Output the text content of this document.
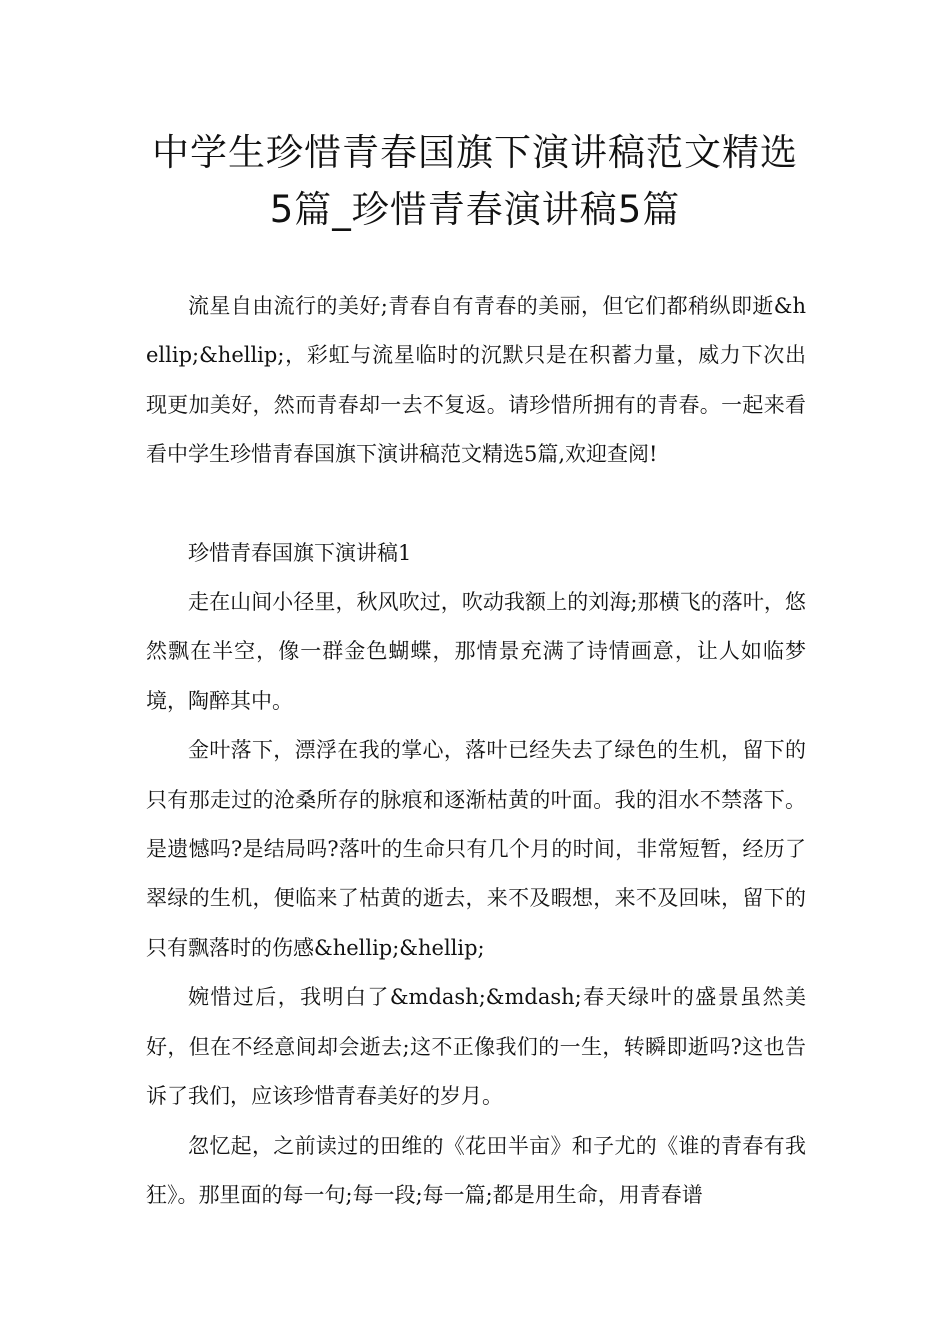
中学生珍惜青春国旗下演讲稿范文精选
5篇_珍惜青春演讲稿5篇

流星自由流行的美好;青春自有青春的美丽，但它们都稍纵即逝&hellip;&hellip;，彩虹与流星临时的沉默只是在积蓄力量，威力下次出现更加美好，然而青春却一去不复返。请珍惜所拥有的青春。一起来看看中学生珍惜青春国旗下演讲稿范文精选5篇,欢迎查阅!

珍惜青春国旗下演讲稿1

走在山间小径里，秋风吹过，吹动我额上的刘海;那横飞的落叶，悠然飘在半空，像一群金色蝴蝶，那情景充满了诗情画意，让人如临梦境，陶醉其中。

金叶落下，漂浮在我的掌心，落叶已经失去了绿色的生机，留下的只有那走过的沧桑所存的脉痕和逐渐枯黄的叶面。我的泪水不禁落下。是遗憾吗?是结局吗?落叶的生命只有几个月的时间，非常短暂，经历了翠绿的生机，便临来了枯黄的逝去，来不及暇想，来不及回味，留下的只有飘落时的伤感&hellip;&hellip;

婉惜过后，我明白了&mdash;&mdash;春天绿叶的盛景虽然美好，但在不经意间却会逝去;这不正像我们的一生，转瞬即逝吗?这也告诉了我们，应该珍惜青春美好的岁月。

忽忆起，之前读过的田维的《花田半亩》和子尤的《谁的青春有我狂》。那里面的每一句;每一段;每一篇;都是用生命，用青春谱
